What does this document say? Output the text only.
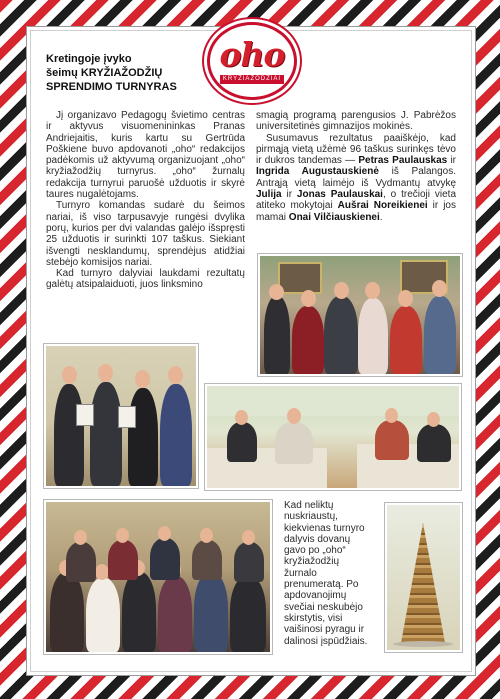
oho
KRYŽIAŽODŽIAI
Kretingoje įvyko
šeimų KRYŽIAŽODŽIŲ
SPRENDIMO TURNYRAS

Jį organizavo Pedagogų švietimo centras ir aktyvus visuomenininkas Pranas Andriejaitis, kuris kartu su Gertrūda Poškiene buvo apdovanoti „oho“ redakcijos padėkomis už aktyvumą organizuojant „oho“ kryžiažodžių turnyrus. „oho“ žurnalų redakcija turnyrui paruošė užduotis ir skyrė taures nugalėtojams.

Turnyro komandas sudarė du šeimos nariai, iš viso tarpusavyje rungėsi dvylika porų, kurios per dvi valandas galėjo išspręsti 25 užduotis ir surinkti 107 taškus. Siekiant išvengti nesklandumų, sprendėjus atidžiai stebėjo komisijos nariai.

Kad turnyro dalyviai laukdami rezultatų galėtų atsipalaiduoti, juos linksmino

smagią programą parengusios J. Pabrėžos universitetinės gimnazijos mokinės.

Susumavus rezultatus paaiškėjo, kad pirmąją vietą užėmė 96 taškus surinkęs tėvo ir dukros tandemas — Petras Paulauskas ir Ingrida Augustauskienė iš Palangos. Antrąją vietą laimėjo iš Vydmantų atvykę Julija ir Jonas Paulauskai, o trečioji vieta atiteko mokytojai Aušrai Noreikienei ir jos mamai Onai Vilčiauskienei.

Kad neliktų nuskriaustų, kiekvienas turnyro dalyvis dovanų gavo po „oho“ kryžiažodžių žurnalo prenumeratą. Po apdovanojimų svečiai neskubėjo skirstytis, visi vaišinosi pyragu ir dalinosi įspūdžiais.
